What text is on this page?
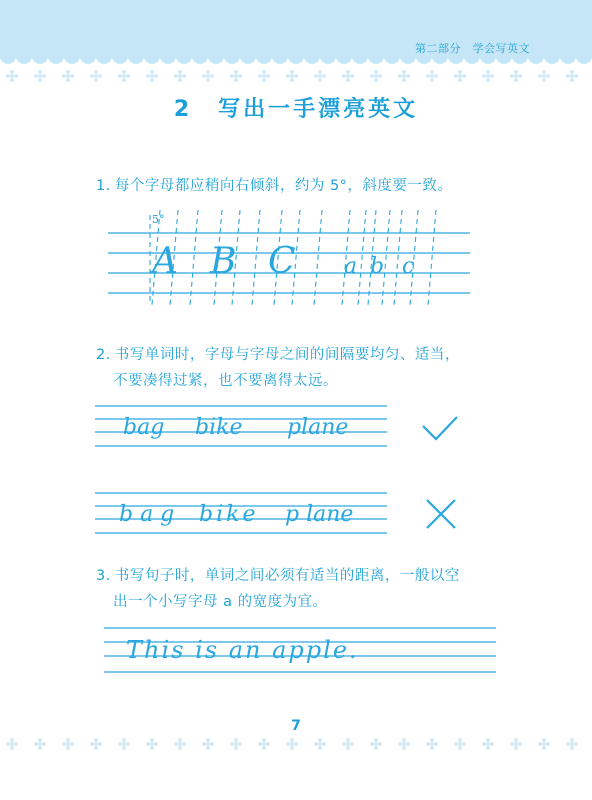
第二部分　学会写英文
2 写出一手漂亮英文
1. 每个字母都应稍向右倾斜，约为 5°，斜度要一致。
5°
A B C a b c
2. 书写单词时，字母与字母之间的间隔要均匀、适当，
不要凑得过紧，也不要离得太远。
bag bike plane
b a g bike p lane
3. 书写句子时，单词之间必须有适当的距离，一般以空
出一个小写字母 a 的宽度为宜。
This is an apple.
7
